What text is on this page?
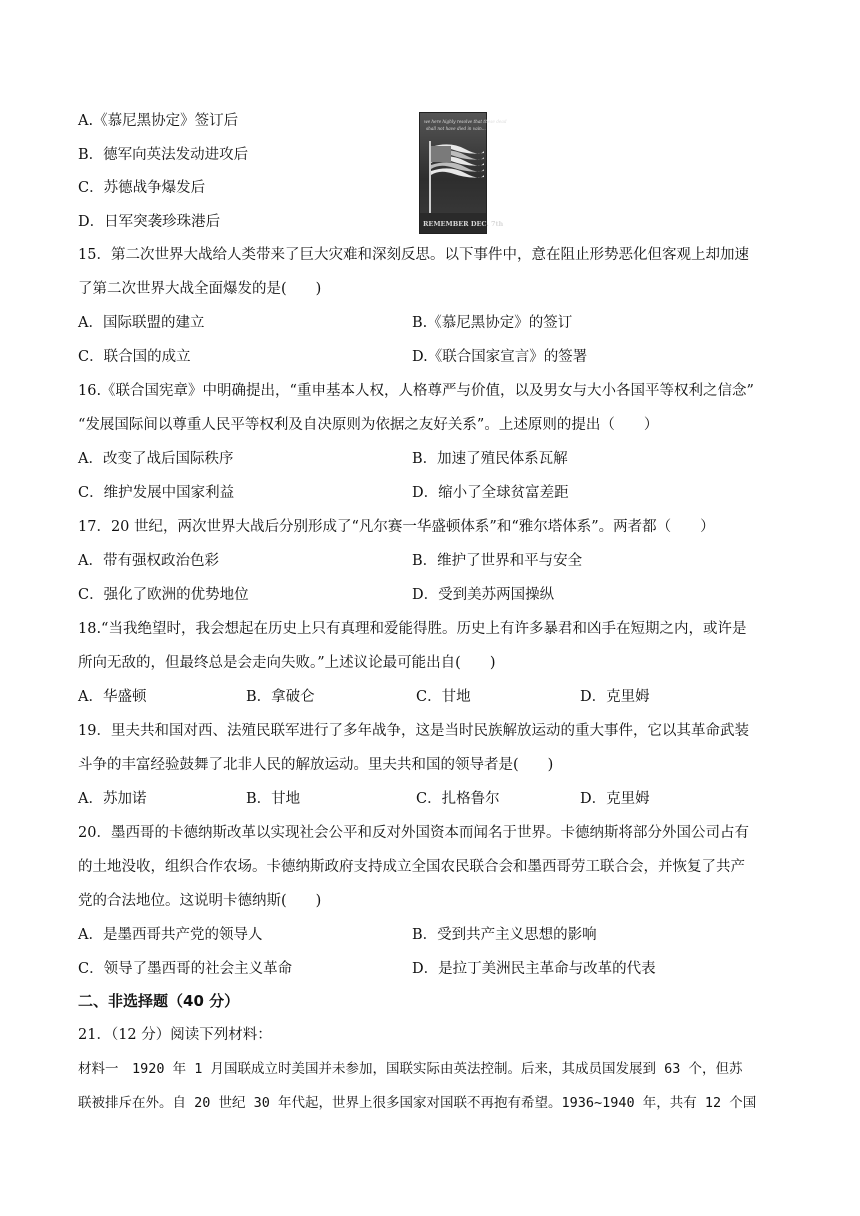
A.《慕尼黑协定》签订后
B．德军向英法发动进攻后
C．苏德战争爆发后
D．日军突袭珍珠港后
we here highly resolve that these dead
shall not have died in vain...
REMEMBER DEC. 7th
15．第二次世界大战给人类带来了巨大灾难和深刻反思。以下事件中，意在阻止形势恶化但客观上却加速
了第二次世界大战全面爆发的是(　　)
A．国际联盟的建立	B.《慕尼黑协定》的签订
C．联合国的成立	D.《联合国家宣言》的签署
16.《联合国宪章》中明确提出，“重申基本人权，人格尊严与价值，以及男女与大小各国平等权利之信念”
“发展国际间以尊重人民平等权利及自决原则为依据之友好关系”。上述原则的提出（　　）
A．改变了战后国际秩序	B．加速了殖民体系瓦解
C．维护发展中国家利益	D．缩小了全球贫富差距
17．20 世纪，两次世界大战后分别形成了“凡尔赛一华盛顿体系”和“雅尔塔体系”。两者都（　　）
A．带有强权政治色彩	B．维护了世界和平与安全
C．强化了欧洲的优势地位	D．受到美苏两国操纵
18.“当我绝望时，我会想起在历史上只有真理和爱能得胜。历史上有许多暴君和凶手在短期之内，或许是
所向无敌的，但最终总是会走向失败。”上述议论最可能出自(　　)
A．华盛顿	B．拿破仑	C．甘地	D．克里姆
19．里夫共和国对西、法殖民联军进行了多年战争，这是当时民族解放运动的重大事件，它以其革命武装
斗争的丰富经验鼓舞了北非人民的解放运动。里夫共和国的领导者是(　　)
A．苏加诺	B．甘地	C．扎格鲁尔	D．克里姆
20．墨西哥的卡德纳斯改革以实现社会公平和反对外国资本而闻名于世界。卡德纳斯将部分外国公司占有
的土地没收，组织合作农场。卡德纳斯政府支持成立全国农民联合会和墨西哥劳工联合会，并恢复了共产
党的合法地位。这说明卡德纳斯(　　)
A．是墨西哥共产党的领导人	B．受到共产主义思想的影响
C．领导了墨西哥的社会主义革命	D．是拉丁美洲民主革命与改革的代表
二、非选择题（40 分）
21．（12 分）阅读下列材料：
材料一　1920 年 1 月国联成立时美国并未参加，国联实际由英法控制。后来，其成员国发展到 63 个，但苏
联被排斥在外。自 20 世纪 30 年代起，世界上很多国家对国联不再抱有希望。1936~1940 年，共有 12 个国
